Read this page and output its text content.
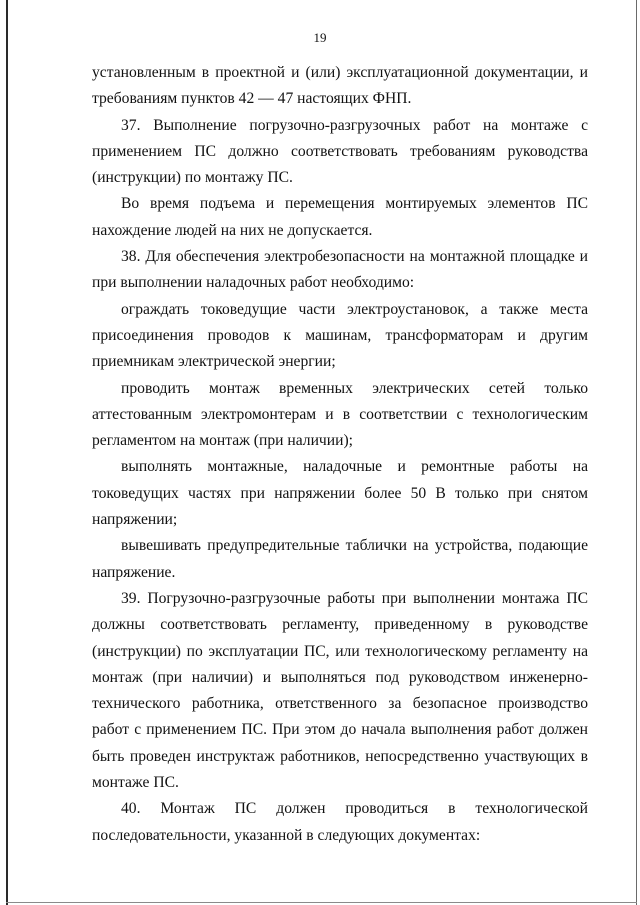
19

установленным в проектной и (или) эксплуатационной документации, и требованиям пунктов 42 — 47 настоящих ФНП.

37. Выполнение погрузочно-разгрузочных работ на монтаже с применением ПС должно соответствовать требованиям руководства (инструкции) по монтажу ПС.

Во время подъема и перемещения монтируемых элементов ПС нахождение людей на них не допускается.

38. Для обеспечения электробезопасности на монтажной площадке и при выполнении наладочных работ необходимо:

ограждать токоведущие части электроустановок, а также места присоединения проводов к машинам, трансформаторам и другим приемникам электрической энергии;

проводить монтаж временных электрических сетей только аттестованным электромонтерам и в соответствии с технологическим регламентом на монтаж (при наличии);

выполнять монтажные, наладочные и ремонтные работы на токоведущих частях при напряжении более 50 В только при снятом напряжении;

вывешивать предупредительные таблички на устройства, подающие напряжение.

39. Погрузочно-разгрузочные работы при выполнении монтажа ПС должны соответствовать регламенту, приведенному в руководстве (инструкции) по эксплуатации ПС, или технологическому регламенту на монтаж (при наличии) и выполняться под руководством инженерно-технического работника, ответственного за безопасное производство работ с применением ПС. При этом до начала выполнения работ должен быть проведен инструктаж работников, непосредственно участвующих в монтаже ПС.

40. Монтаж ПС должен проводиться в технологической последовательности, указанной в следующих документах:
